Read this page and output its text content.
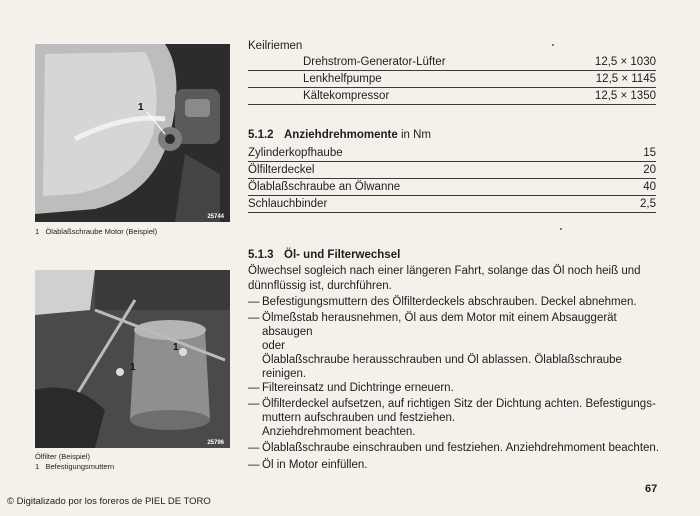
1
25744
1 Ölablaßschraube Motor (Beispiel)
1
1
25796
Ölfilter (Beispiel)
1 Befestigungsmuttern
Keilriemen
	Drehstrom-Generator-Lüfter	12,5 × 1030
	Lenkhelfpumpe	12,5 × 1145
	Kältekompressor	12,5 × 1350
5.1.2 Anziehdrehmomente in Nm
Zylinderkopfhaube	15
Ölfilterdeckel	20
Ölablaßschraube an Ölwanne	40
Schlauchbinder	2,5
5.1.3 Öl- und Filterwechsel
Ölwechsel sogleich nach einer längeren Fahrt, solange das Öl noch heiß und dünnflüssig ist, durchführen.
— Befestigungsmuttern des Ölfilterdeckels abschrauben. Deckel abnehmen.
— Ölmeßstab herausnehmen, Öl aus dem Motor mit einem Absauggerät
absaugen
oder
Ölablaßschraube herausschrauben und Öl ablassen. Ölablaßschraube
reinigen.
— Filtereinsatz und Dichtringe erneuern.
— Ölfilterdeckel aufsetzen, auf richtigen Sitz der Dichtung achten. Befestigungs-
muttern aufschrauben und festziehen.
Anziehdrehmoment beachten.
— Ölablaßschraube einschrauben und festziehen. Anziehdrehmoment beachten.
— Öl in Motor einfüllen.
© Digitalizado por los foreros de PIEL DE TORO
67
